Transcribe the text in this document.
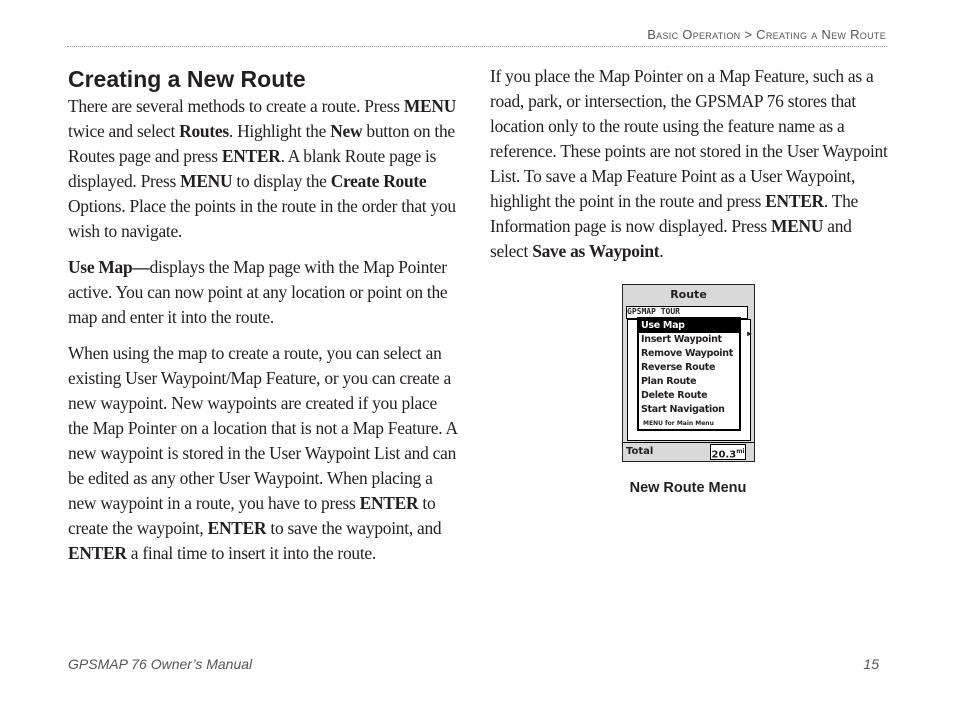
Basic Operation > Creating a New Route
Creating a New Route

There are several methods to create a route. Press MENU twice and select Routes. Highlight the New button on the Routes page and press ENTER. A blank Route page is displayed. Press MENU to display the Create Route Options. Place the points in the route in the order that you wish to navigate.

Use Map—displays the Map page with the Map Pointer active. You can now point at any location or point on the map and enter it into the route.

When using the map to create a route, you can select an existing User Waypoint/Map Feature, or you can create a new waypoint. New waypoints are created if you place the Map Pointer on a location that is not a Map Feature. A new waypoint is stored in the User Waypoint List and can be edited as any other User Waypoint. When placing a new waypoint in a route, you have to press ENTER to create the waypoint, ENTER to save the waypoint, and ENTER a final time to insert it into the route.

If you place the Map Pointer on a Map Feature, such as a road, park, or intersection, the GPSMAP 76 stores that location only to the route using the feature name as a reference. These points are not stored in the User Waypoint List. To save a Map Feature Point as a User Waypoint, highlight the point in the route and press ENTER. The Information page is now displayed. Press MENU and select Save as Waypoint.

Route
GPSMAP TOUR
▶
Use Map
Insert Waypoint
Remove Waypoint
Reverse Route
Plan Route
Delete Route
Start Navigation
MENU for Main Menu
Total	$20.3^{mi}$
New Route Menu
GPSMAP 76 Owner’s Manual	15
